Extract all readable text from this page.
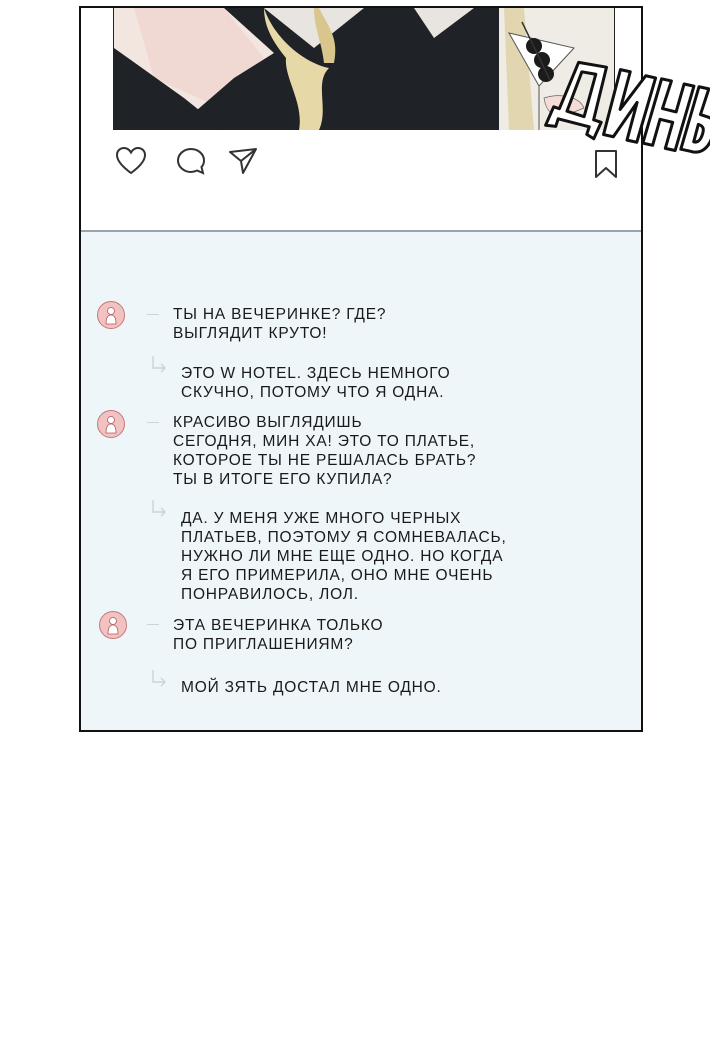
ТЫ НА ВЕЧЕРИНКЕ? ГДЕ?
ВЫГЛЯДИТ КРУТО!
ЭТО W HOTEL. ЗДЕСЬ НЕМНОГО
СКУЧНО, ПОТОМУ ЧТО Я ОДНА.
КРАСИВО ВЫГЛЯДИШЬ
СЕГОДНЯ, МИН ХА! ЭТО ТО ПЛАТЬЕ,
КОТОРОЕ ТЫ НЕ РЕШАЛАСЬ БРАТЬ?
ТЫ В ИТОГЕ ЕГО КУПИЛА?
ДА. У МЕНЯ УЖЕ МНОГО ЧЕРНЫХ
ПЛАТЬЕВ, ПОЭТОМУ Я СОМНЕВАЛАСЬ,
НУЖНО ЛИ МНЕ ЕЩЕ ОДНО. НО КОГДА
Я ЕГО ПРИМЕРИЛА, ОНО МНЕ ОЧЕНЬ
ПОНРАВИЛОСЬ, ЛОЛ.
ЭТА ВЕЧЕРИНКА ТОЛЬКО
ПО ПРИГЛАШЕНИЯМ?
МОЙ ЗЯТЬ ДОСТАЛ МНЕ ОДНО.
ДИНЬ
